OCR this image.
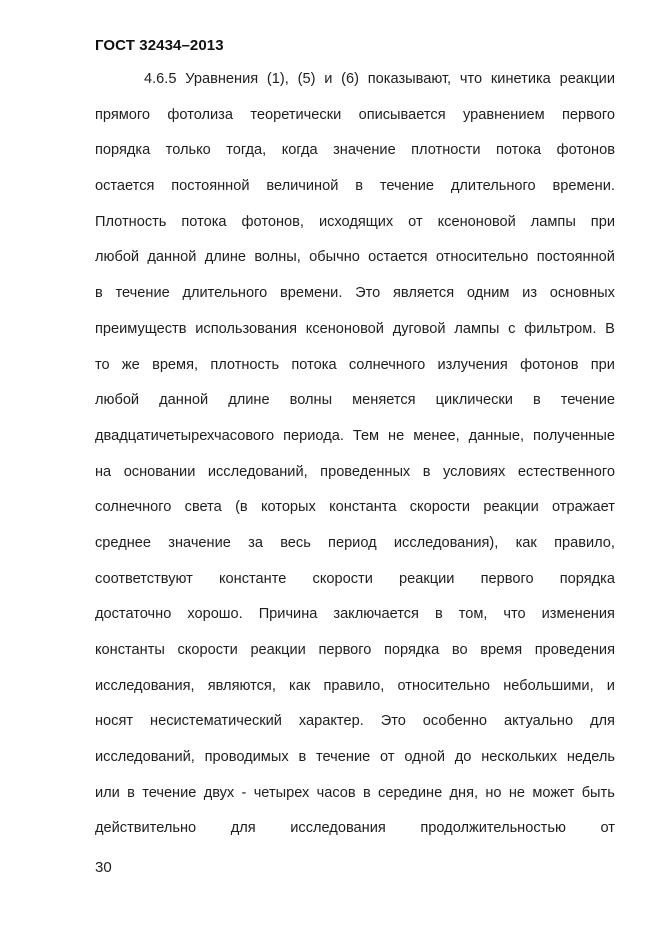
ГОСТ 32434–2013
4.6.5 Уравнения (1), (5) и (6) показывают, что кинетика реакции
прямого фотолиза теоретически описывается уравнением первого
порядка только тогда, когда значение плотности потока фотонов
остается постоянной величиной в течение длительного времени.
Плотность потока фотонов, исходящих от ксеноновой лампы при
любой данной длине волны, обычно остается относительно постоянной
в течение длительного времени. Это является одним из основных
преимуществ использования ксеноновой дуговой лампы с фильтром. В
то же время, плотность потока солнечного излучения фотонов при
любой данной длине волны меняется циклически в течение
двадцатичетырехчасового периода. Тем не менее, данные, полученные
на основании исследований, проведенных в условиях естественного
солнечного света (в которых константа скорости реакции отражает
среднее значение за весь период исследования), как правило,
соответствуют константе скорости реакции первого порядка
достаточно хорошо. Причина заключается в том, что изменения
константы скорости реакции первого порядка во время проведения
исследования, являются, как правило, относительно небольшими, и
носят несистематический характер. Это особенно актуально для
исследований, проводимых в течение от одной до нескольких недель
или в течение двух - четырех часов в середине дня, но не может быть
действительно для исследования продолжительностью от
30
